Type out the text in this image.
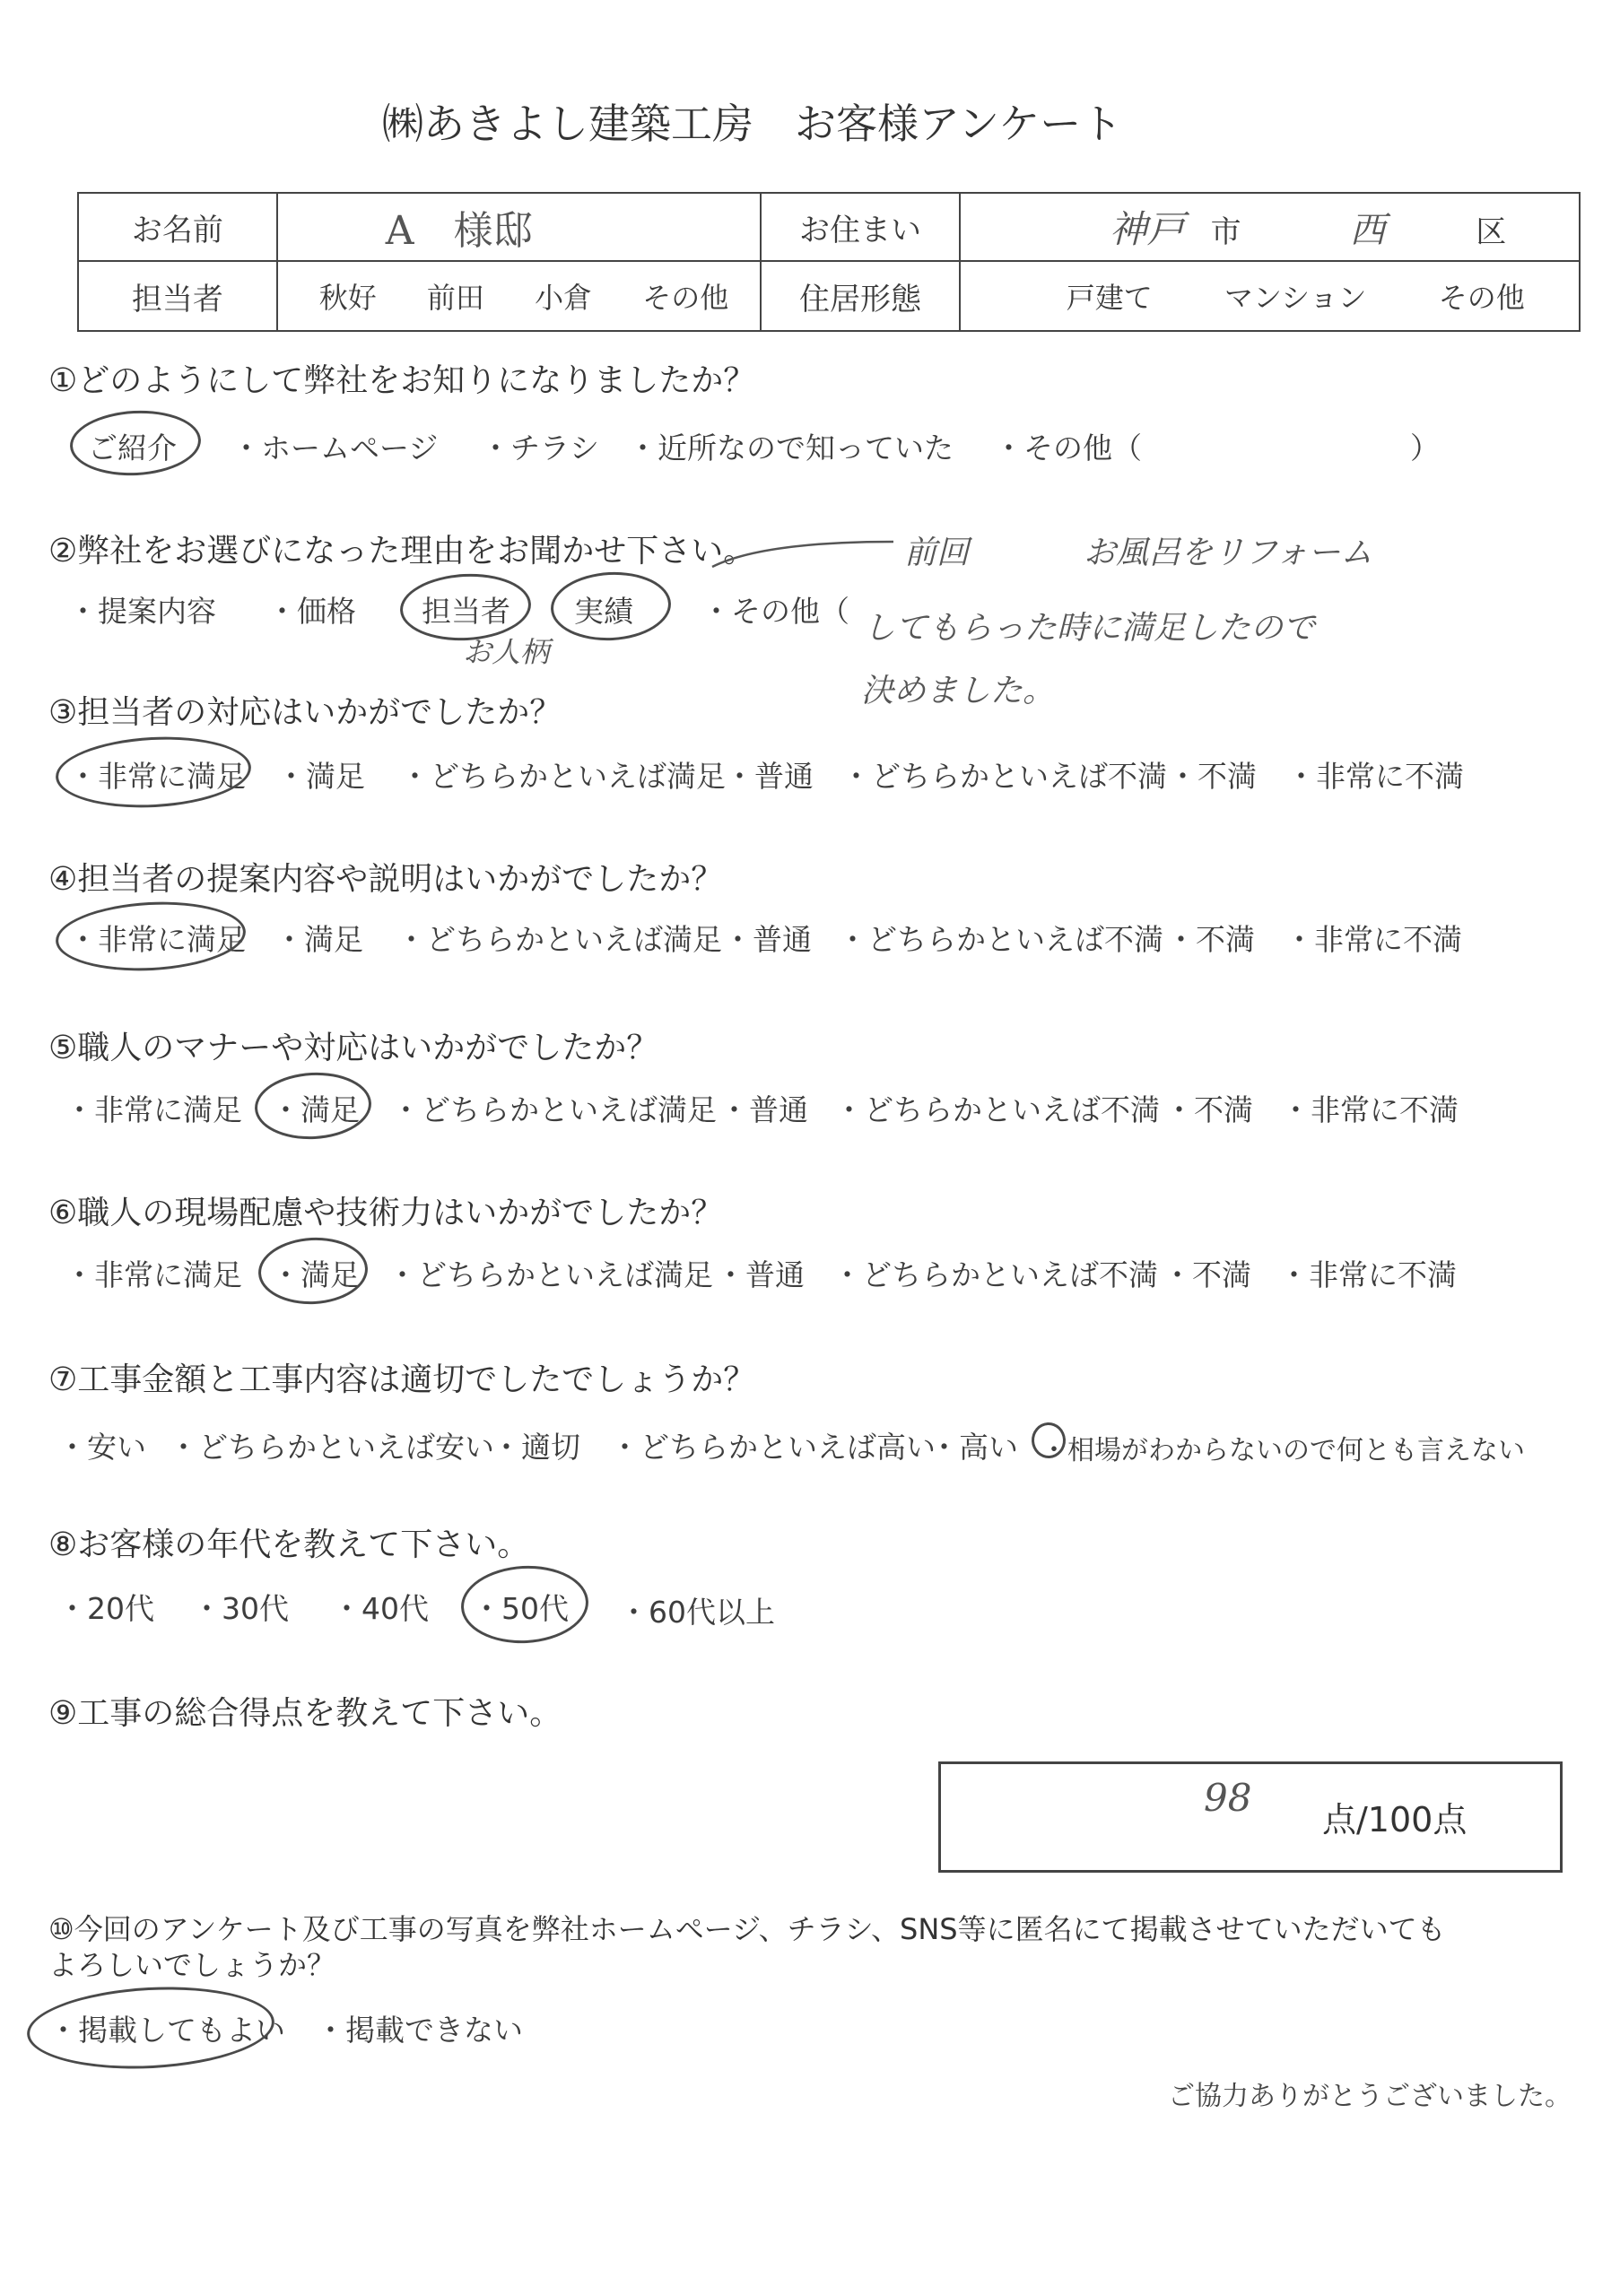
㈱あきよし建築工房　お客様アンケート
お名前	A　様邸	お住まい	神戸 市 西 区
担当者	秋好 前田 小倉 その他	住居形態	戸建て マンション その他
①どのようにして弊社をお知りになりましたか？
ご紹介 ・ホームページ ・チラシ ・近所なので知っていた ・その他（	）
②弊社をお選びになった理由をお聞かせ下さい。
・提案内容 ・価格 担当者 実績 ・その他（
お人柄
前回	お風呂をリフォーム
してもらった時に満足したので
決めました。
③担当者の対応はいかがでしたか？
・非常に満足 ・満足 ・どちらかといえば満足 ・普通 ・どちらかといえば不満 ・不満 ・非常に不満
④担当者の提案内容や説明はいかがでしたか？
・非常に満足 ・満足 ・どちらかといえば満足 ・普通 ・どちらかといえば不満 ・不満 ・非常に不満
⑤職人のマナーや対応はいかがでしたか？
・非常に満足 ・満足 ・どちらかといえば満足 ・普通 ・どちらかといえば不満 ・不満 ・非常に不満
⑥職人の現場配慮や技術力はいかがでしたか？
・非常に満足 ・満足 ・どちらかといえば満足 ・普通 ・どちらかといえば不満 ・不満 ・非常に不満
⑦工事金額と工事内容は適切でしたでしょうか？
・安い ・どちらかといえば安い
・適切 ・どちらかといえば高い
・高い ・相場がわからないので何とも言えない
⑧お客様の年代を教えて下さい。
・20代 ・30代 ・40代 ・50代 ・60代以上
⑨工事の総合得点を教えて下さい。
98 点/100点
⑩今回のアンケート及び工事の写真を弊社ホームページ、チラシ、SNS等に匿名にて掲載させていただいても
よろしいでしょうか？
・掲載してもよい ・掲載できない
ご協力ありがとうございました。
